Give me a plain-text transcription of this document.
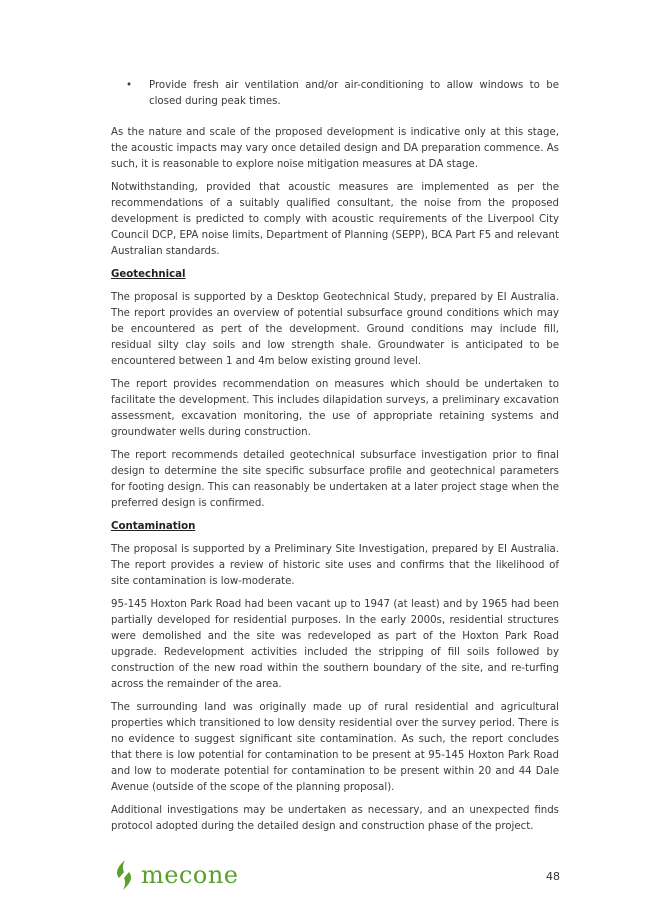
•	Provide fresh air ventilation and/or air-conditioning to allow windows to be closed during peak times.

As the nature and scale of the proposed development is indicative only at this stage, the acoustic impacts may vary once detailed design and DA preparation commence. As such, it is reasonable to explore noise mitigation measures at DA stage.

Notwithstanding, provided that acoustic measures are implemented as per the recommendations of a suitably qualified consultant, the noise from the proposed development is predicted to comply with acoustic requirements of the Liverpool City Council DCP, EPA noise limits, Department of Planning (SEPP), BCA Part F5 and relevant Australian standards.

Geotechnical

The proposal is supported by a Desktop Geotechnical Study, prepared by EI Australia. The report provides an overview of potential subsurface ground conditions which may be encountered as pert of the development. Ground conditions may include fill, residual silty clay soils and low strength shale. Groundwater is anticipated to be encountered between 1 and 4m below existing ground level.

The report provides recommendation on measures which should be undertaken to facilitate the development. This includes dilapidation surveys, a preliminary excavation assessment, excavation monitoring, the use of appropriate retaining systems and groundwater wells during construction.

The report recommends detailed geotechnical subsurface investigation prior to final design to determine the site specific subsurface profile and geotechnical parameters for footing design. This can reasonably be undertaken at a later project stage when the preferred design is confirmed.

Contamination

The proposal is supported by a Preliminary Site Investigation, prepared by EI Australia. The report provides a review of historic site uses and confirms that the likelihood of site contamination is low-moderate.

95-145 Hoxton Park Road had been vacant up to 1947 (at least) and by 1965 had been partially developed for residential purposes. In the early 2000s, residential structures were demolished and the site was redeveloped as part of the Hoxton Park Road upgrade. Redevelopment activities included the stripping of fill soils followed by construction of the new road within the southern boundary of the site, and re-turfing across the remainder of the area.

The surrounding land was originally made up of rural residential and agricultural properties which transitioned to low density residential over the survey period. There is no evidence to suggest significant site contamination. As such, the report concludes that there is low potential for contamination to be present at 95-145 Hoxton Park Road and low to moderate potential for contamination to be present within 20 and 44 Dale Avenue (outside of the scope of the planning proposal).

Additional investigations may be undertaken as necessary, and an unexpected finds protocol adopted during the detailed design and construction phase of the project.

mecone	48
